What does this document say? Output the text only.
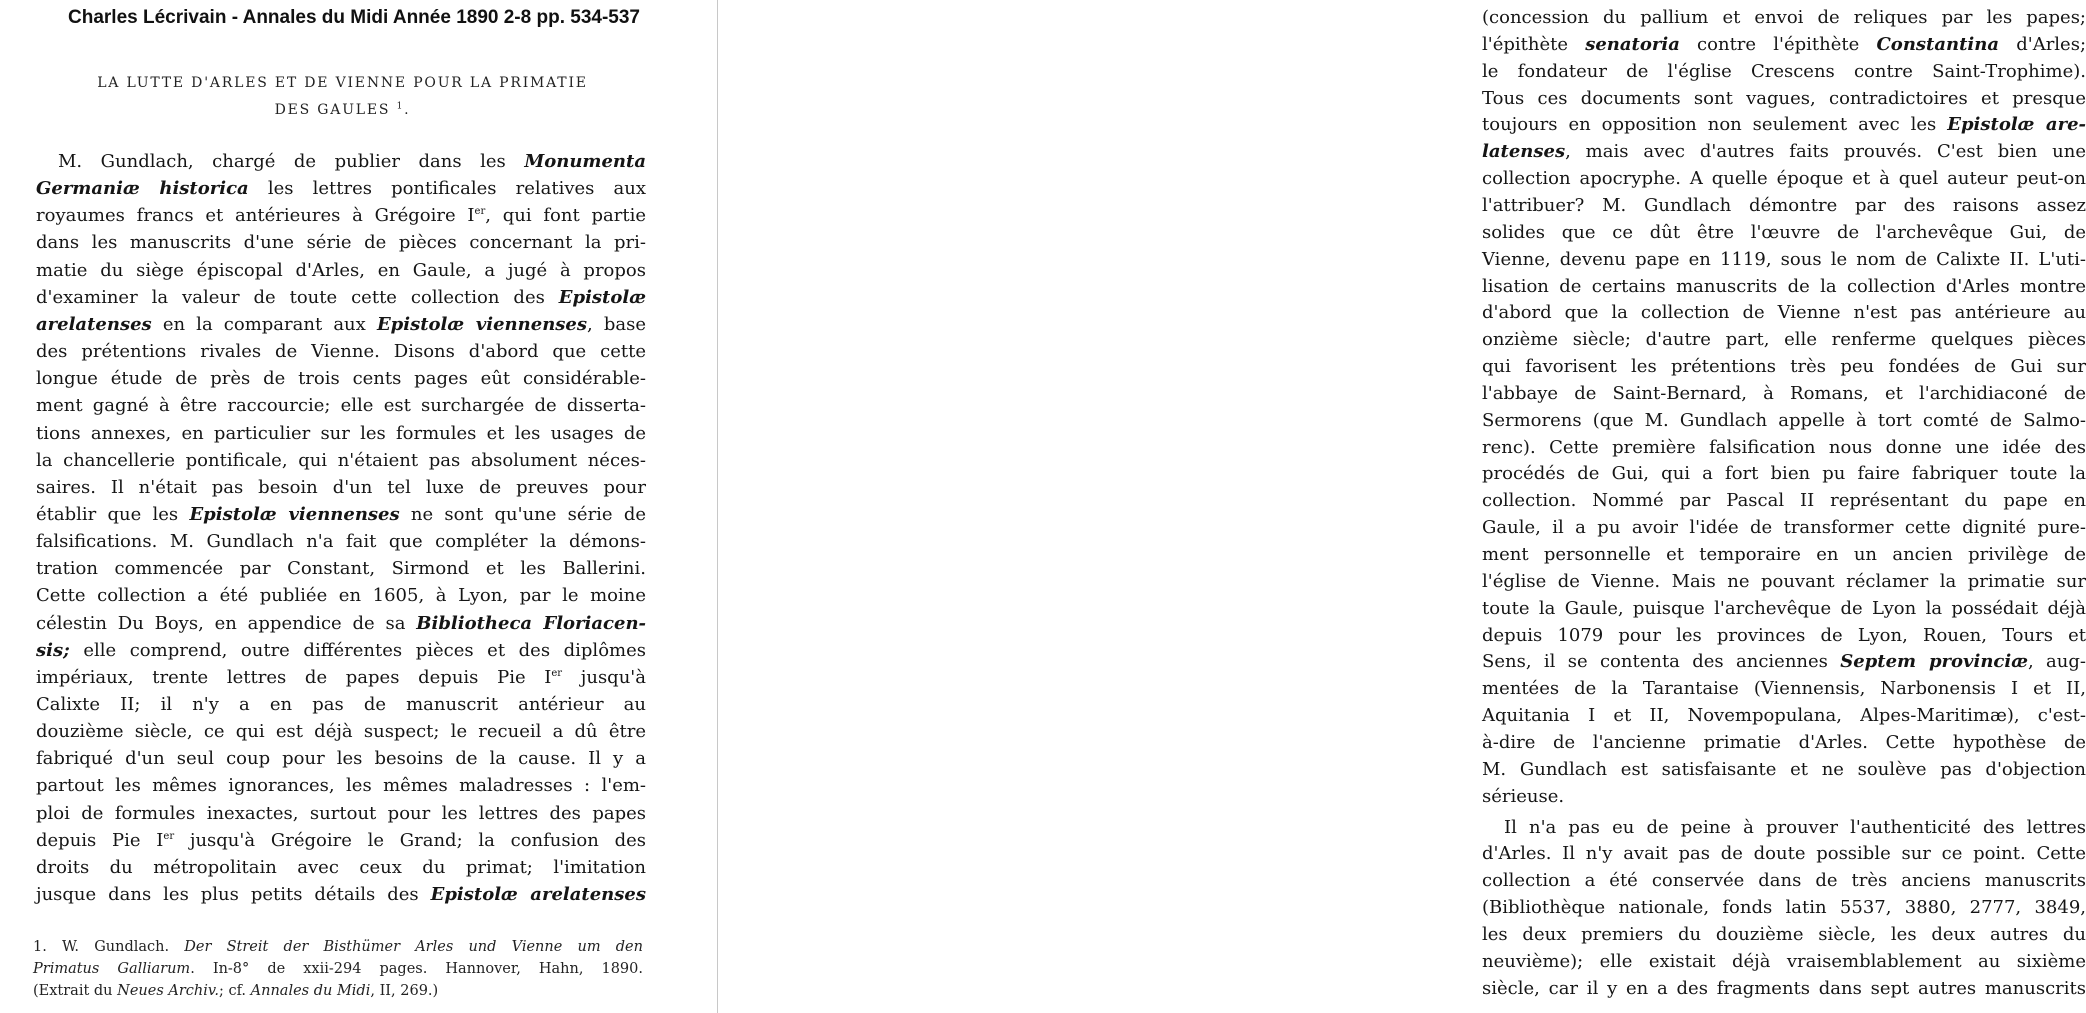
Charles Lécrivain - Annales du Midi Année 1890 2-8 pp. 534-537
LA LUTTE D'ARLES ET DE VIENNE POUR LA PRIMATIE
DES GAULES $^1$.
M. Gundlach, chargé de publier dans les Monumenta
Germaniæ historica les lettres pontificales relatives aux
royaumes francs et antérieures à Grégoire Ier, qui font partie
dans les manuscrits d'une série de pièces concernant la pri-
matie du siège épiscopal d'Arles, en Gaule, a jugé à propos
d'examiner la valeur de toute cette collection des Epistolæ
arelatenses en la comparant aux Epistolæ viennenses, base
des prétentions rivales de Vienne. Disons d'abord que cette
longue étude de près de trois cents pages eût considérable-
ment gagné à être raccourcie; elle est surchargée de disserta-
tions annexes, en particulier sur les formules et les usages de
la chancellerie pontificale, qui n'étaient pas absolument néces-
saires. Il n'était pas besoin d'un tel luxe de preuves pour
établir que les Epistolæ viennenses ne sont qu'une série de
falsifications. M. Gundlach n'a fait que compléter la démons-
tration commencée par Constant, Sirmond et les Ballerini.
Cette collection a été publiée en 1605, à Lyon, par le moine
célestin Du Boys, en appendice de sa Bibliotheca Floriacen-
sis; elle comprend, outre différentes pièces et des diplômes
impériaux, trente lettres de papes depuis Pie Ier jusqu'à
Calixte II; il n'y a en pas de manuscrit antérieur au
douzième siècle, ce qui est déjà suspect; le recueil a dû être
fabriqué d'un seul coup pour les besoins de la cause. Il y a
partout les mêmes ignorances, les mêmes maladresses : l'em-
ploi de formules inexactes, surtout pour les lettres des papes
depuis Pie Ier jusqu'à Grégoire le Grand; la confusion des
droits du métropolitain avec ceux du primat; l'imitation
jusque dans les plus petits détails des Epistolæ arelatenses
1. W. Gundlach. Der Streit der Bisthümer Arles und Vienne um den
Primatus Galliarum. In-8° de xxii-294 pages. Hannover, Hahn, 1890.
(Extrait du Neues Archiv.; cf. Annales du Midi, II, 269.)
(concession du pallium et envoi de reliques par les papes;
l'épithète senatoria contre l'épithète Constantina d'Arles;
le fondateur de l'église Crescens contre Saint-Trophime).
Tous ces documents sont vagues, contradictoires et presque
toujours en opposition non seulement avec les Epistolæ are-
latenses, mais avec d'autres faits prouvés. C'est bien une
collection apocryphe. A quelle époque et à quel auteur peut-on
l'attribuer? M. Gundlach démontre par des raisons assez
solides que ce dût être l'œuvre de l'archevêque Gui, de
Vienne, devenu pape en 1119, sous le nom de Calixte II. L'uti-
lisation de certains manuscrits de la collection d'Arles montre
d'abord que la collection de Vienne n'est pas antérieure au
onzième siècle; d'autre part, elle renferme quelques pièces
qui favorisent les prétentions très peu fondées de Gui sur
l'abbaye de Saint-Bernard, à Romans, et l'archidiaconé de
Sermorens (que M. Gundlach appelle à tort comté de Salmo-
renc). Cette première falsification nous donne une idée des
procédés de Gui, qui a fort bien pu faire fabriquer toute la
collection. Nommé par Pascal II représentant du pape en
Gaule, il a pu avoir l'idée de transformer cette dignité pure-
ment personnelle et temporaire en un ancien privilège de
l'église de Vienne. Mais ne pouvant réclamer la primatie sur
toute la Gaule, puisque l'archevêque de Lyon la possédait déjà
depuis 1079 pour les provinces de Lyon, Rouen, Tours et
Sens, il se contenta des anciennes Septem provinciæ, aug-
mentées de la Tarantaise (Viennensis, Narbonensis I et II,
Aquitania I et II, Novempopulana, Alpes-Maritimæ), c'est-
à-dire de l'ancienne primatie d'Arles. Cette hypothèse de
M. Gundlach est satisfaisante et ne soulève pas d'objection
sérieuse.
Il n'a pas eu de peine à prouver l'authenticité des lettres
d'Arles. Il n'y avait pas de doute possible sur ce point. Cette
collection a été conservée dans de très anciens manuscrits
(Bibliothèque nationale, fonds latin 5537, 3880, 2777, 3849,
les deux premiers du douzième siècle, les deux autres du
neuvième); elle existait déjà vraisemblablement au sixième
siècle, car il y en a des fragments dans sept autres manuscrits
